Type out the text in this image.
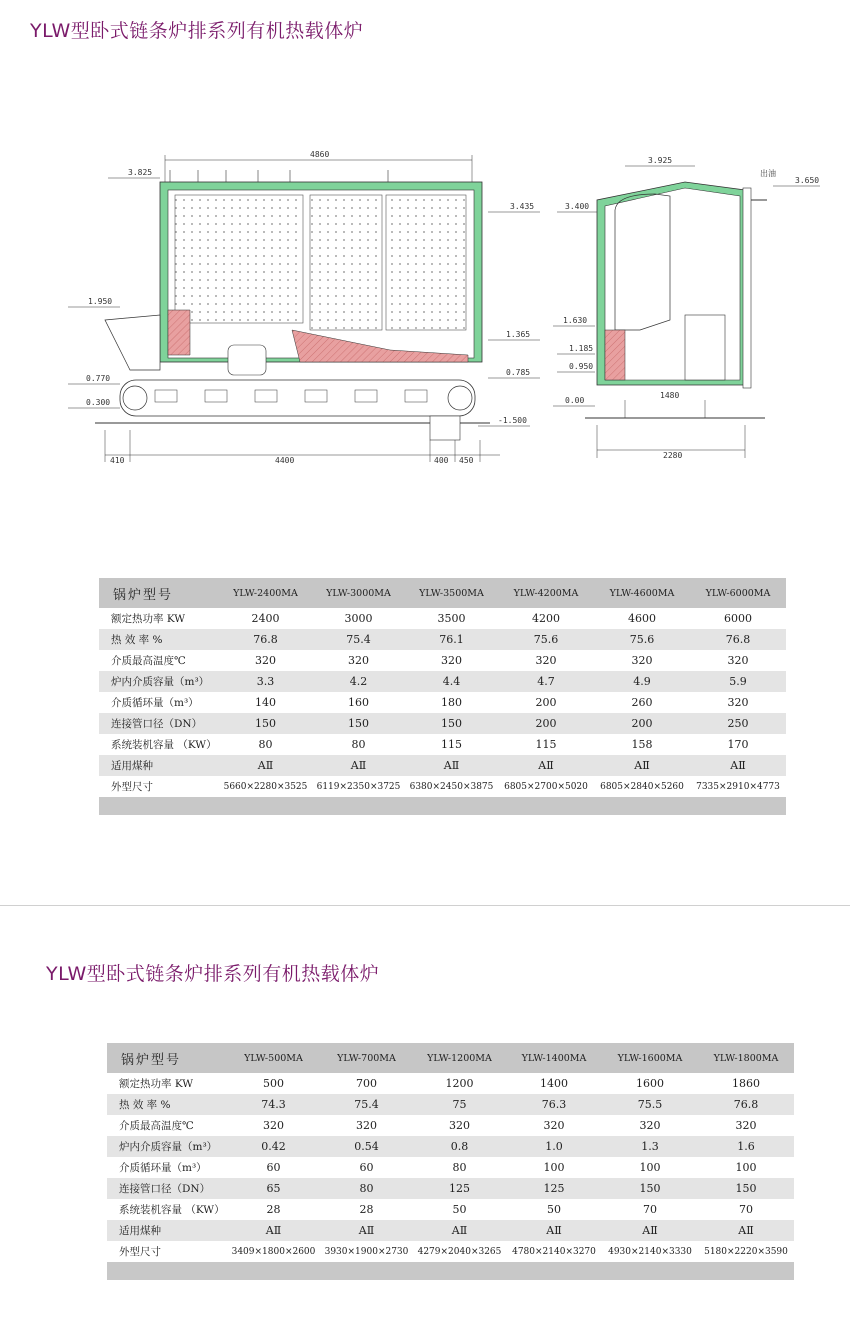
YLW型卧式链条炉排系列有机热载体炉
4860
3.825
1.950
0.770
0.300
3.435
1.365
0.785
-1.500
410	4400	400 450
3.925
出油
3.650
3.400
1.630
1.185
0.950
0.00
1480
2280
锅炉型号	YLW-2400MA	YLW-3000MA	YLW-3500MA	YLW-4200MA	YLW-4600MA	YLW-6000MA
额定热功率 KW	2400	3000	3500	4200	4600	6000
热 效 率 %	76.8	75.4	76.1	75.6	75.6	76.8
介质最高温度℃	320	320	320	320	320	320
炉内介质容量（m³）	3.3	4.2	4.4	4.7	4.9	5.9
介质循环量（m³）	140	160	180	200	260	320
连接管口径（DN）	150	150	150	200	200	250
系统装机容量 （KW）	80	80	115	115	158	170
适用煤种	AⅡ	AⅡ	AⅡ	AⅡ	AⅡ	AⅡ
外型尺寸	5660×2280×3525	6119×2350×3725	6380×2450×3875	6805×2700×5020	6805×2840×5260	7335×2910×4773

YLW型卧式链条炉排系列有机热载体炉
锅炉型号	YLW-500MA	YLW-700MA	YLW-1200MA	YLW-1400MA	YLW-1600MA	YLW-1800MA
额定热功率 KW	500	700	1200	1400	1600	1860
热 效 率 %	74.3	75.4	75	76.3	75.5	76.8
介质最高温度℃	320	320	320	320	320	320
炉内介质容量（m³）	0.42	0.54	0.8	1.0	1.3	1.6
介质循环量（m³）	60	60	80	100	100	100
连接管口径（DN）	65	80	125	125	150	150
系统装机容量 （KW）	28	28	50	50	70	70
适用煤种	AⅡ	AⅡ	AⅡ	AⅡ	AⅡ	AⅡ
外型尺寸	3409×1800×2600	3930×1900×2730	4279×2040×3265	4780×2140×3270	4930×2140×3330	5180×2220×3590
